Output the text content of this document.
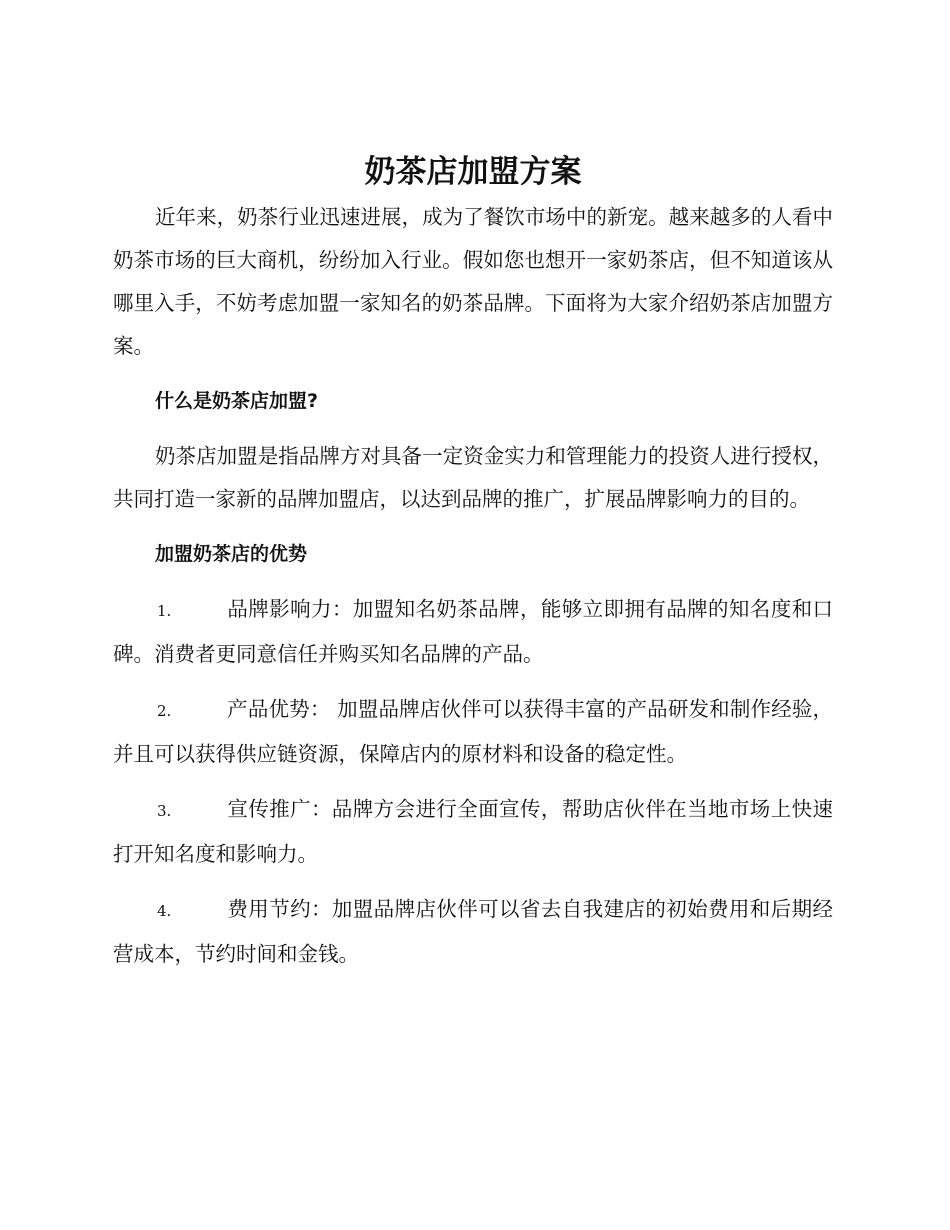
奶茶店加盟方案

近年来，奶茶行业迅速进展，成为了餐饮市场中的新宠。越来越多的人看中奶茶市场的巨大商机，纷纷加入行业。假如您也想开一家奶茶店，但不知道该从哪里入手，不妨考虑加盟一家知名的奶茶品牌。下面将为大家介绍奶茶店加盟方案。

什么是奶茶店加盟?

奶茶店加盟是指品牌方对具备一定资金实力和管理能力的投资人进行授权，共同打造一家新的品牌加盟店，以达到品牌的推广，扩展品牌影响力的目的。

加盟奶茶店的优势

1.	品牌影响力：加盟知名奶茶品牌，能够立即拥有品牌的知名度和口碑。消费者更同意信任并购买知名品牌的产品。

2.	产品优势： 加盟品牌店伙伴可以获得丰富的产品研发和制作经验，并且可以获得供应链资源，保障店内的原材料和设备的稳定性。

3.	宣传推广：品牌方会进行全面宣传，帮助店伙伴在当地市场上快速打开知名度和影响力。

4.	费用节约：加盟品牌店伙伴可以省去自我建店的初始费用和后期经营成本，节约时间和金钱。
